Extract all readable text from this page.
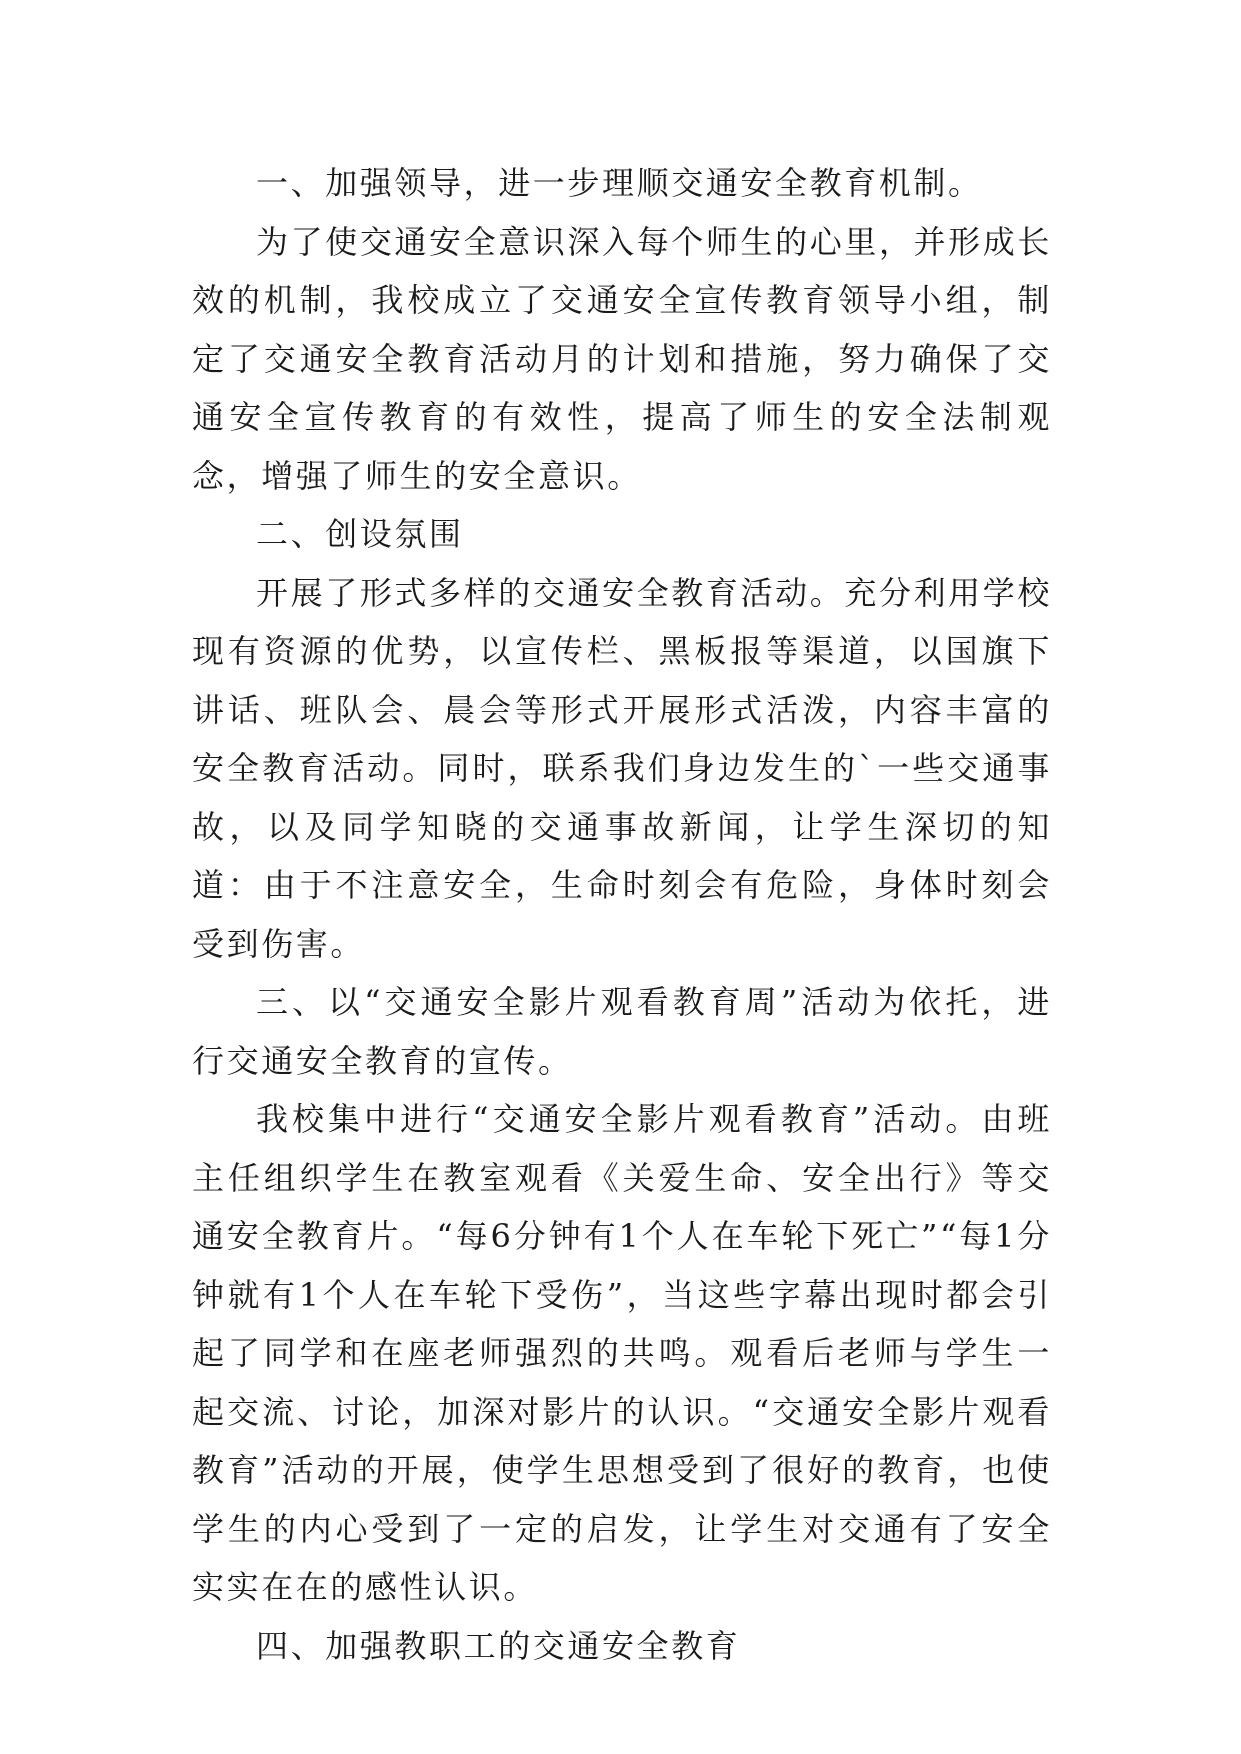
一、加强领导，进一步理顺交通安全教育机制。

为了使交通安全意识深入每个师生的心里，并形成长效的机制，我校成立了交通安全宣传教育领导小组，制定了交通安全教育活动月的计划和措施，努力确保了交通安全宣传教育的有效性，提高了师生的安全法制观念，增强了师生的安全意识。

二、创设氛围

开展了形式多样的交通安全教育活动。充分利用学校现有资源的优势，以宣传栏、黑板报等渠道，以国旗下讲话、班队会、晨会等形式开展形式活泼，内容丰富的安全教育活动。同时，联系我们身边发生的`一些交通事故，以及同学知晓的交通事故新闻，让学生深切的知道：由于不注意安全，生命时刻会有危险，身体时刻会受到伤害。

三、以“交通安全影片观看教育周”活动为依托，进行交通安全教育的宣传。

我校集中进行“交通安全影片观看教育”活动。由班主任组织学生在教室观看《关爱生命、安全出行》等交通安全教育片。“每6分钟有1个人在车轮下死亡”“每1分钟就有1个人在车轮下受伤”，当这些字幕出现时都会引起了同学和在座老师强烈的共鸣。观看后老师与学生一起交流、讨论，加深对影片的认识。“交通安全影片观看教育”活动的开展，使学生思想受到了很好的教育，也使学生的内心受到了一定的启发，让学生对交通有了安全实实在在的感性认识。

四、加强教职工的交通安全教育
